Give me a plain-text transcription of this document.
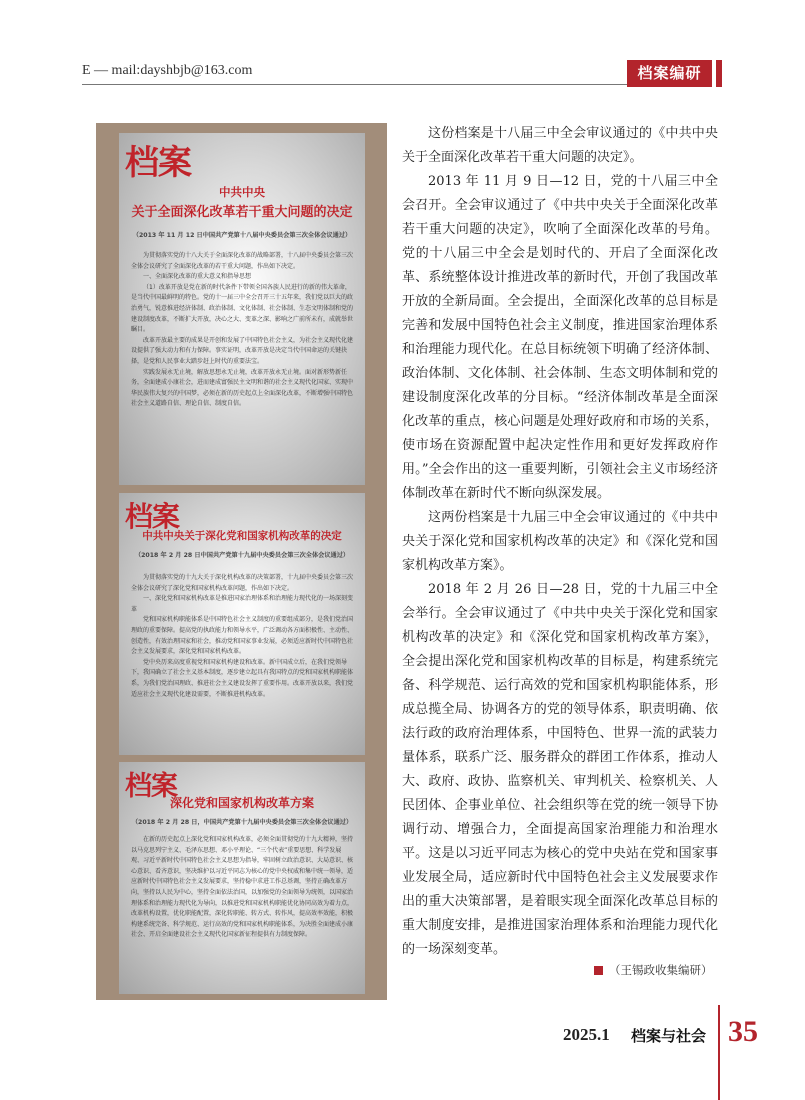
E — mail:dayshbjb@163.com	档案编研
档案
中共中央
关于全面深化改革若干重大问题的决定
（2013 年 11 月 12 日中国共产党第十八届中央委员会第三次全体会议通过）

为贯彻落实党的十八大关于全面深化改革的战略部署，十八届中央委员会第三次全体会议研究了全面深化改革的若干重大问题，作出如下决定。

一、全面深化改革的重大意义和指导思想

（1）改革开放是党在新的时代条件下带领全国各族人民进行的新的伟大革命，是当代中国最鲜明的特色。党的十一届三中全会召开三十五年来，我们党以巨大的政治勇气，锐意推进经济体制、政治体制、文化体制、社会体制、生态文明体制和党的建设制度改革，不断扩大开放，决心之大、变革之深、影响之广前所未有，成就举世瞩目。

改革开放最主要的成果是开创和发展了中国特色社会主义，为社会主义现代化建设提供了强大动力和有力保障。事实证明，改革开放是决定当代中国命运的关键抉择，是党和人民事业大踏步赶上时代的重要法宝。

实践发展永无止境，解放思想永无止境，改革开放永无止境。面对新形势新任务，全面建成小康社会，进而建成富强民主文明和谐的社会主义现代化国家、实现中华民族伟大复兴的中国梦，必须在新的历史起点上全面深化改革，不断增强中国特色社会主义道路自信、理论自信、制度自信。

档案
中共中央关于深化党和国家机构改革的决定
（2018 年 2 月 28 日中国共产党第十九届中央委员会第三次全体会议通过）

为贯彻落实党的十九大关于深化机构改革的决策部署，十九届中央委员会第三次全体会议研究了深化党和国家机构改革问题，作出如下决定。

一、深化党和国家机构改革是推进国家治理体系和治理能力现代化的一场深刻变革

党和国家机构职能体系是中国特色社会主义制度的重要组成部分，是我们党治国理政的重要保障。提高党的执政能力和领导水平，广泛调动各方面积极性、主动性、创造性，有效治理国家和社会，推动党和国家事业发展，必须适应新时代中国特色社会主义发展要求，深化党和国家机构改革。

党中央历来高度重视党和国家机构建设和改革。新中国成立后，在我们党领导下，我国确立了社会主义基本制度，逐步建立起具有我国特点的党和国家机构职能体系，为我们党治国理政、推进社会主义建设发挥了重要作用。改革开放以来，我们党适应社会主义现代化建设需要，不断推进机构改革。

档案
深化党和国家机构改革方案
（2018 年 2 月 28 日，中国共产党第十九届中央委员会第三次全体会议通过）

在新的历史起点上深化党和国家机构改革，必须全面贯彻党的十九大精神，坚持以马克思列宁主义、毛泽东思想、邓小平理论、“三个代表”重要思想、科学发展观、习近平新时代中国特色社会主义思想为指导，牢固树立政治意识、大局意识、核心意识、看齐意识，坚决维护以习近平同志为核心的党中央权威和集中统一领导，适应新时代中国特色社会主义发展要求，坚持稳中求进工作总基调，坚持正确改革方向，坚持以人民为中心，坚持全面依法治国，以加强党的全面领导为统领，以国家治理体系和治理能力现代化为导向，以推进党和国家机构职能优化协同高效为着力点，改革机构设置，优化职能配置，深化转职能、转方式、转作风，提高效率效能，积极构建系统完备、科学规范、运行高效的党和国家机构职能体系，为决胜全面建成小康社会、开启全面建设社会主义现代化国家新征程提供有力制度保障。

这份档案是十八届三中全会审议通过的《中共中央关于全面深化改革若干重大问题的决定》。

2013 年 11 月 9 日—12 日，党的十八届三中全会召开。全会审议通过了《中共中央关于全面深化改革若干重大问题的决定》，吹响了全面深化改革的号角。党的十八届三中全会是划时代的、开启了全面深化改革、系统整体设计推进改革的新时代，开创了我国改革开放的全新局面。全会提出，全面深化改革的总目标是完善和发展中国特色社会主义制度，推进国家治理体系和治理能力现代化。在总目标统领下明确了经济体制、政治体制、文化体制、社会体制、生态文明体制和党的建设制度深化改革的分目标。“经济体制改革是全面深化改革的重点，核心问题是处理好政府和市场的关系，使市场在资源配置中起决定性作用和更好发挥政府作用。”全会作出的这一重要判断，引领社会主义市场经济体制改革在新时代不断向纵深发展。

这两份档案是十九届三中全会审议通过的《中共中央关于深化党和国家机构改革的决定》和《深化党和国家机构改革方案》。

2018 年 2 月 26 日—28 日，党的十九届三中全会举行。全会审议通过了《中共中央关于深化党和国家机构改革的决定》和《深化党和国家机构改革方案》，全会提出深化党和国家机构改革的目标是，构建系统完备、科学规范、运行高效的党和国家机构职能体系，形成总揽全局、协调各方的党的领导体系，职责明确、依法行政的政府治理体系，中国特色、世界一流的武装力量体系，联系广泛、服务群众的群团工作体系，推动人大、政府、政协、监察机关、审判机关、检察机关、人民团体、企事业单位、社会组织等在党的统一领导下协调行动、增强合力，全面提高国家治理能力和治理水平。这是以习近平同志为核心的党中央站在党和国家事业发展全局，适应新时代中国特色社会主义发展要求作出的重大决策部署，是着眼实现全面深化改革总目标的重大制度安排，是推进国家治理体系和治理能力现代化的一场深刻变革。

（王锡政收集编研）
2025.1 档案与社会 35
